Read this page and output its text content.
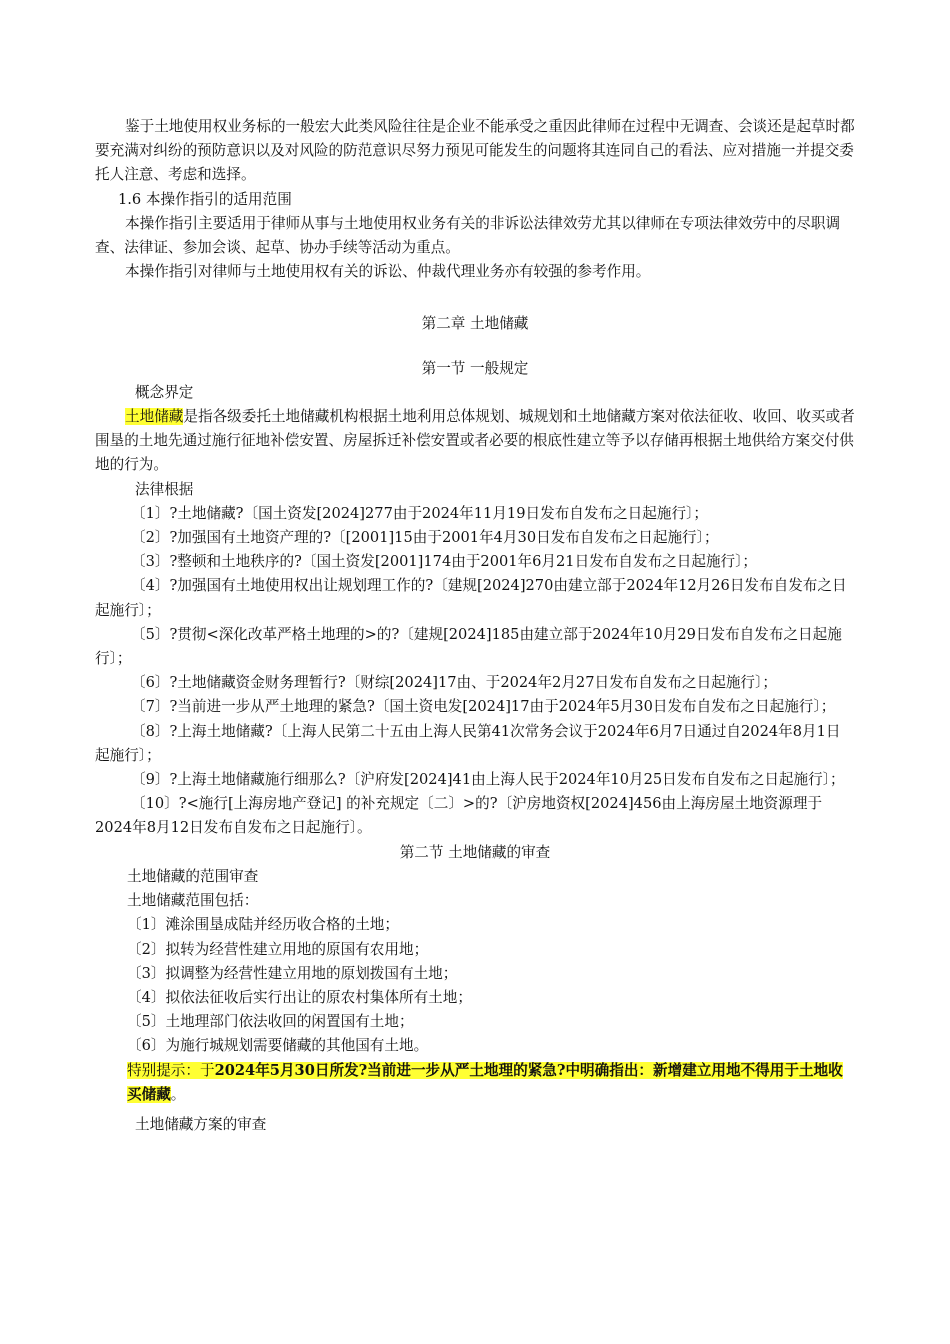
鉴于土地使用权业务标的一般宏大此类风险往往是企业不能承受之重因此律师在过程中无调查、会谈还是起草时都要充满对纠纷的预防意识以及对风险的防范意识尽努力预见可能发生的问题将其连同自己的看法、应对措施一并提交委托人注意、考虑和选择。

1.6 本操作指引的适用范围

本操作指引主要适用于律师从事与土地使用权业务有关的非诉讼法律效劳尤其以律师在专项法律效劳中的尽职调查、法律证、参加会谈、起草、协办手续等活动为重点。

本操作指引对律师与土地使用权有关的诉讼、仲裁代理业务亦有较强的参考作用。

第二章 土地储藏

第一节 一般规定

概念界定

土地储藏是指各级委托土地储藏机构根据土地利用总体规划、城规划和土地储藏方案对依法征收、收回、收买或者围垦的土地先通过施行征地补偿安置、房屋拆迁补偿安置或者必要的根底性建立等予以存储再根据土地供给方案交付供地的行为。

法律根据

〔1〕?土地储藏?〔国土资发[2024]277由于2024年11月19日发布自发布之日起施行〕；

〔2〕?加强国有土地资产理的?〔[2001]15由于2001年4月30日发布自发布之日起施行〕；

〔3〕?整顿和土地秩序的?〔国土资发[2001]174由于2001年6月21日发布自发布之日起施行〕；

〔4〕?加强国有土地使用权出让规划理工作的?〔建规[2024]270由建立部于2024年12月26日发布自发布之日起施行〕；

〔5〕?贯彻<深化改革严格土地理的>的?〔建规[2024]185由建立部于2024年10月29日发布自发布之日起施行〕；

〔6〕?土地储藏资金财务理暂行?〔财综[2024]17由、于2024年2月27日发布自发布之日起施行〕；

〔7〕?当前进一步从严土地理的紧急?〔国土资电发[2024]17由于2024年5月30日发布自发布之日起施行〕；

〔8〕?上海土地储藏?〔上海人民第二十五由上海人民第41次常务会议于2024年6月7日通过自2024年8月1日起施行〕；

〔9〕?上海土地储藏施行细那么?〔沪府发[2024]41由上海人民于2024年10月25日发布自发布之日起施行〕；

〔10〕?<施行[上海房地产登记] 的补充规定〔二〕>的?〔沪房地资权[2024]456由上海房屋土地资源理于2024年8月12日发布自发布之日起施行〕。

第二节 土地储藏的审查

土地储藏的范围审查

土地储藏范围包括：

〔1〕滩涂围垦成陆并经历收合格的土地；

〔2〕拟转为经营性建立用地的原国有农用地；

〔3〕拟调整为经营性建立用地的原划拨国有土地；

〔4〕拟依法征收后实行出让的原农村集体所有土地；

〔5〕土地理部门依法收回的闲置国有土地；

〔6〕为施行城规划需要储藏的其他国有土地。

特别提示：于2024年5月30日所发?当前进一步从严土地理的紧急?中明确指出：新增建立用地不得用于土地收买储藏。

土地储藏方案的审查
